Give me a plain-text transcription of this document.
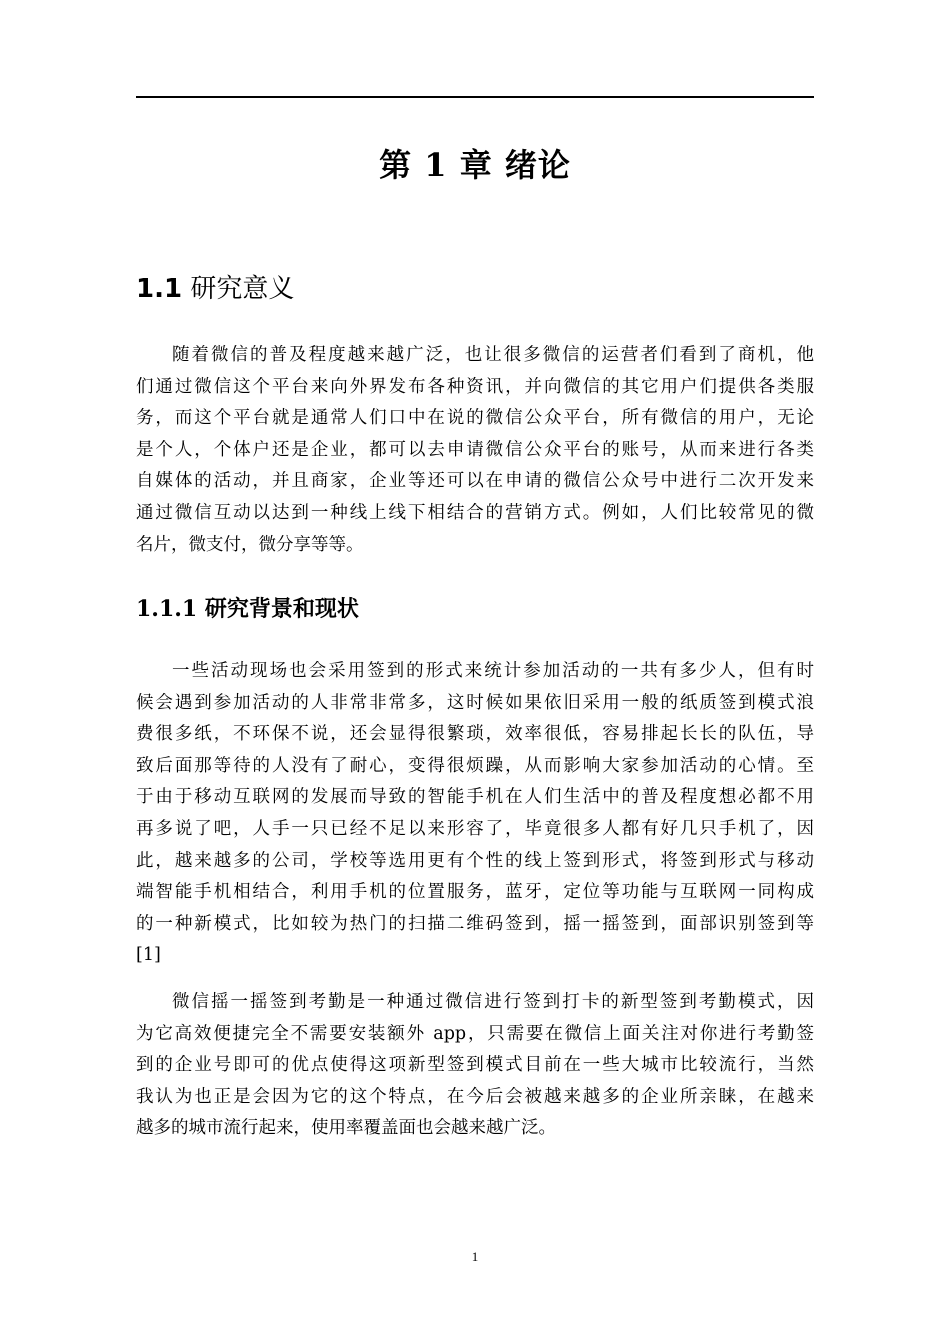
第 1 章 绪论
1.1 研究意义
随着微信的普及程度越来越广泛，也让很多微信的运营者们看到了商机，他
们通过微信这个平台来向外界发布各种资讯，并向微信的其它用户们提供各类服
务，而这个平台就是通常人们口中在说的微信公众平台，所有微信的用户，无论
是个人，个体户还是企业，都可以去申请微信公众平台的账号，从而来进行各类
自媒体的活动，并且商家，企业等还可以在申请的微信公众号中进行二次开发来
通过微信互动以达到一种线上线下相结合的营销方式。例如，人们比较常见的微
名片，微支付，微分享等等。
1.1.1 研究背景和现状
一些活动现场也会采用签到的形式来统计参加活动的一共有多少人，但有时
候会遇到参加活动的人非常非常多，这时候如果依旧采用一般的纸质签到模式浪
费很多纸，不环保不说，还会显得很繁琐，效率很低，容易排起长长的队伍，导
致后面那等待的人没有了耐心，变得很烦躁，从而影响大家参加活动的心情。至
于由于移动互联网的发展而导致的智能手机在人们生活中的普及程度想必都不用
再多说了吧，人手一只已经不足以来形容了，毕竟很多人都有好几只手机了，因
此，越来越多的公司，学校等选用更有个性的线上签到形式，将签到形式与移动
端智能手机相结合，利用手机的位置服务，蓝牙，定位等功能与互联网一同构成
的一种新模式，比如较为热门的扫描二维码签到，摇一摇签到，面部识别签到等
[1]
微信摇一摇签到考勤是一种通过微信进行签到打卡的新型签到考勤模式，因
为它高效便捷完全不需要安装额外 app，只需要在微信上面关注对你进行考勤签
到的企业号即可的优点使得这项新型签到模式目前在一些大城市比较流行，当然
我认为也正是会因为它的这个特点，在今后会被越来越多的企业所亲睐，在越来
越多的城市流行起来，使用率覆盖面也会越来越广泛。
1
